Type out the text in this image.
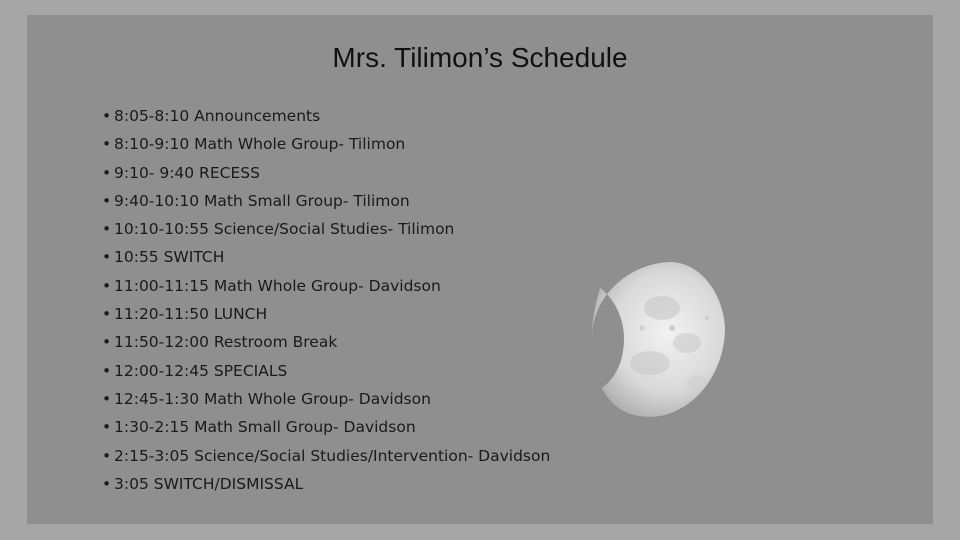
Mrs. Tilimon’s Schedule
• 8:05-8:10 Announcements
• 8:10-9:10 Math Whole Group- Tilimon
• 9:10- 9:40 RECESS
• 9:40-10:10 Math Small Group- Tilimon
• 10:10-10:55 Science/Social Studies- Tilimon
• 10:55 SWITCH
• 11:00-11:15 Math Whole Group- Davidson
• 11:20-11:50 LUNCH
• 11:50-12:00 Restroom Break
• 12:00-12:45 SPECIALS
• 12:45-1:30 Math Whole Group- Davidson
• 1:30-2:15 Math Small Group- Davidson
• 2:15-3:05 Science/Social Studies/Intervention- Davidson
• 3:05 SWITCH/DISMISSAL
